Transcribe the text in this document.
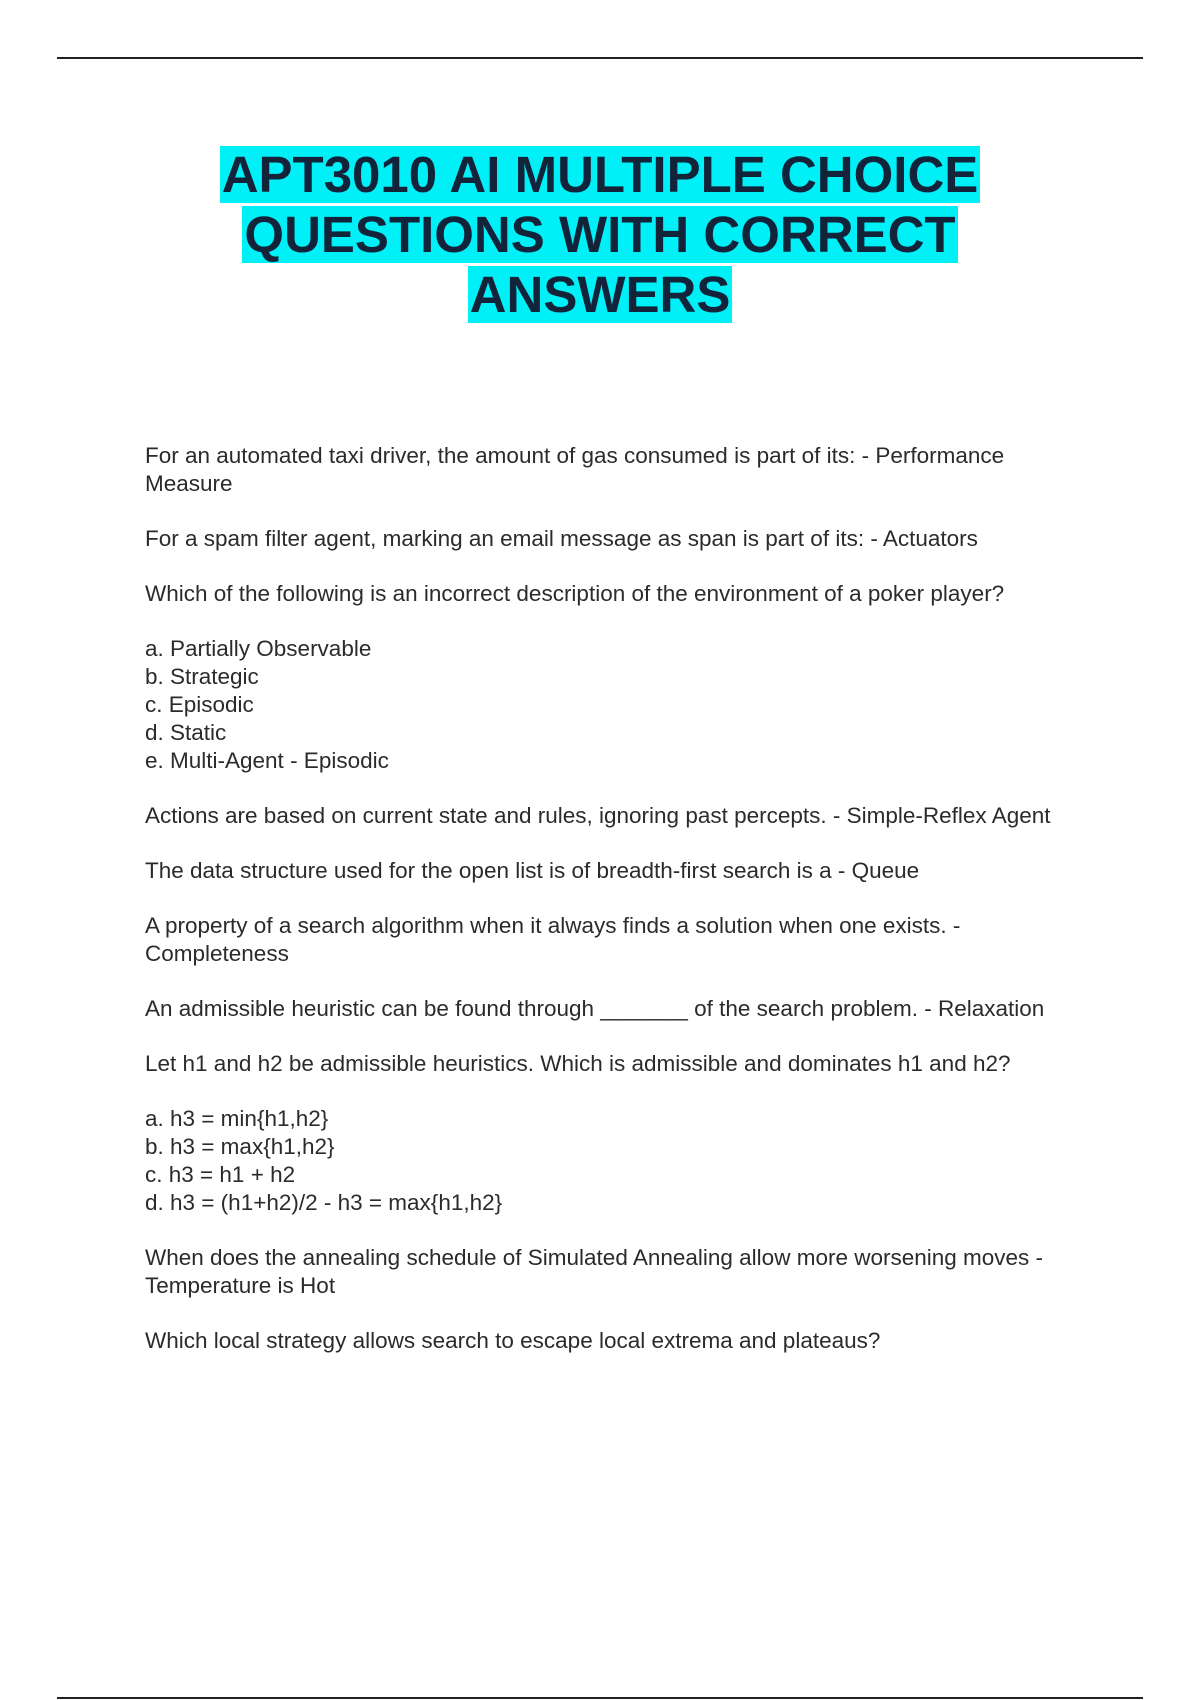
APT3010 AI MULTIPLE CHOICE
QUESTIONS WITH CORRECT
ANSWERS

For an automated taxi driver, the amount of gas consumed is part of its: - Performance Measure

For a spam filter agent, marking an email message as span is part of its: - Actuators

Which of the following is an incorrect description of the environment of a poker player?

a. Partially Observable
b. Strategic
c. Episodic
d. Static
e. Multi-Agent - Episodic

Actions are based on current state and rules, ignoring past percepts. - Simple-Reflex Agent

The data structure used for the open list is of breadth-first search is a - Queue

A property of a search algorithm when it always finds a solution when one exists. - Completeness

An admissible heuristic can be found through _______ of the search problem. - Relaxation

Let h1 and h2 be admissible heuristics. Which is admissible and dominates h1 and h2?

a. h3 = min{h1,h2}
b. h3 = max{h1,h2}
c. h3 = h1 + h2
d. h3 = (h1+h2)/2 - h3 = max{h1,h2}

When does the annealing schedule of Simulated Annealing allow more worsening moves - Temperature is Hot

Which local strategy allows search to escape local extrema and plateaus?
